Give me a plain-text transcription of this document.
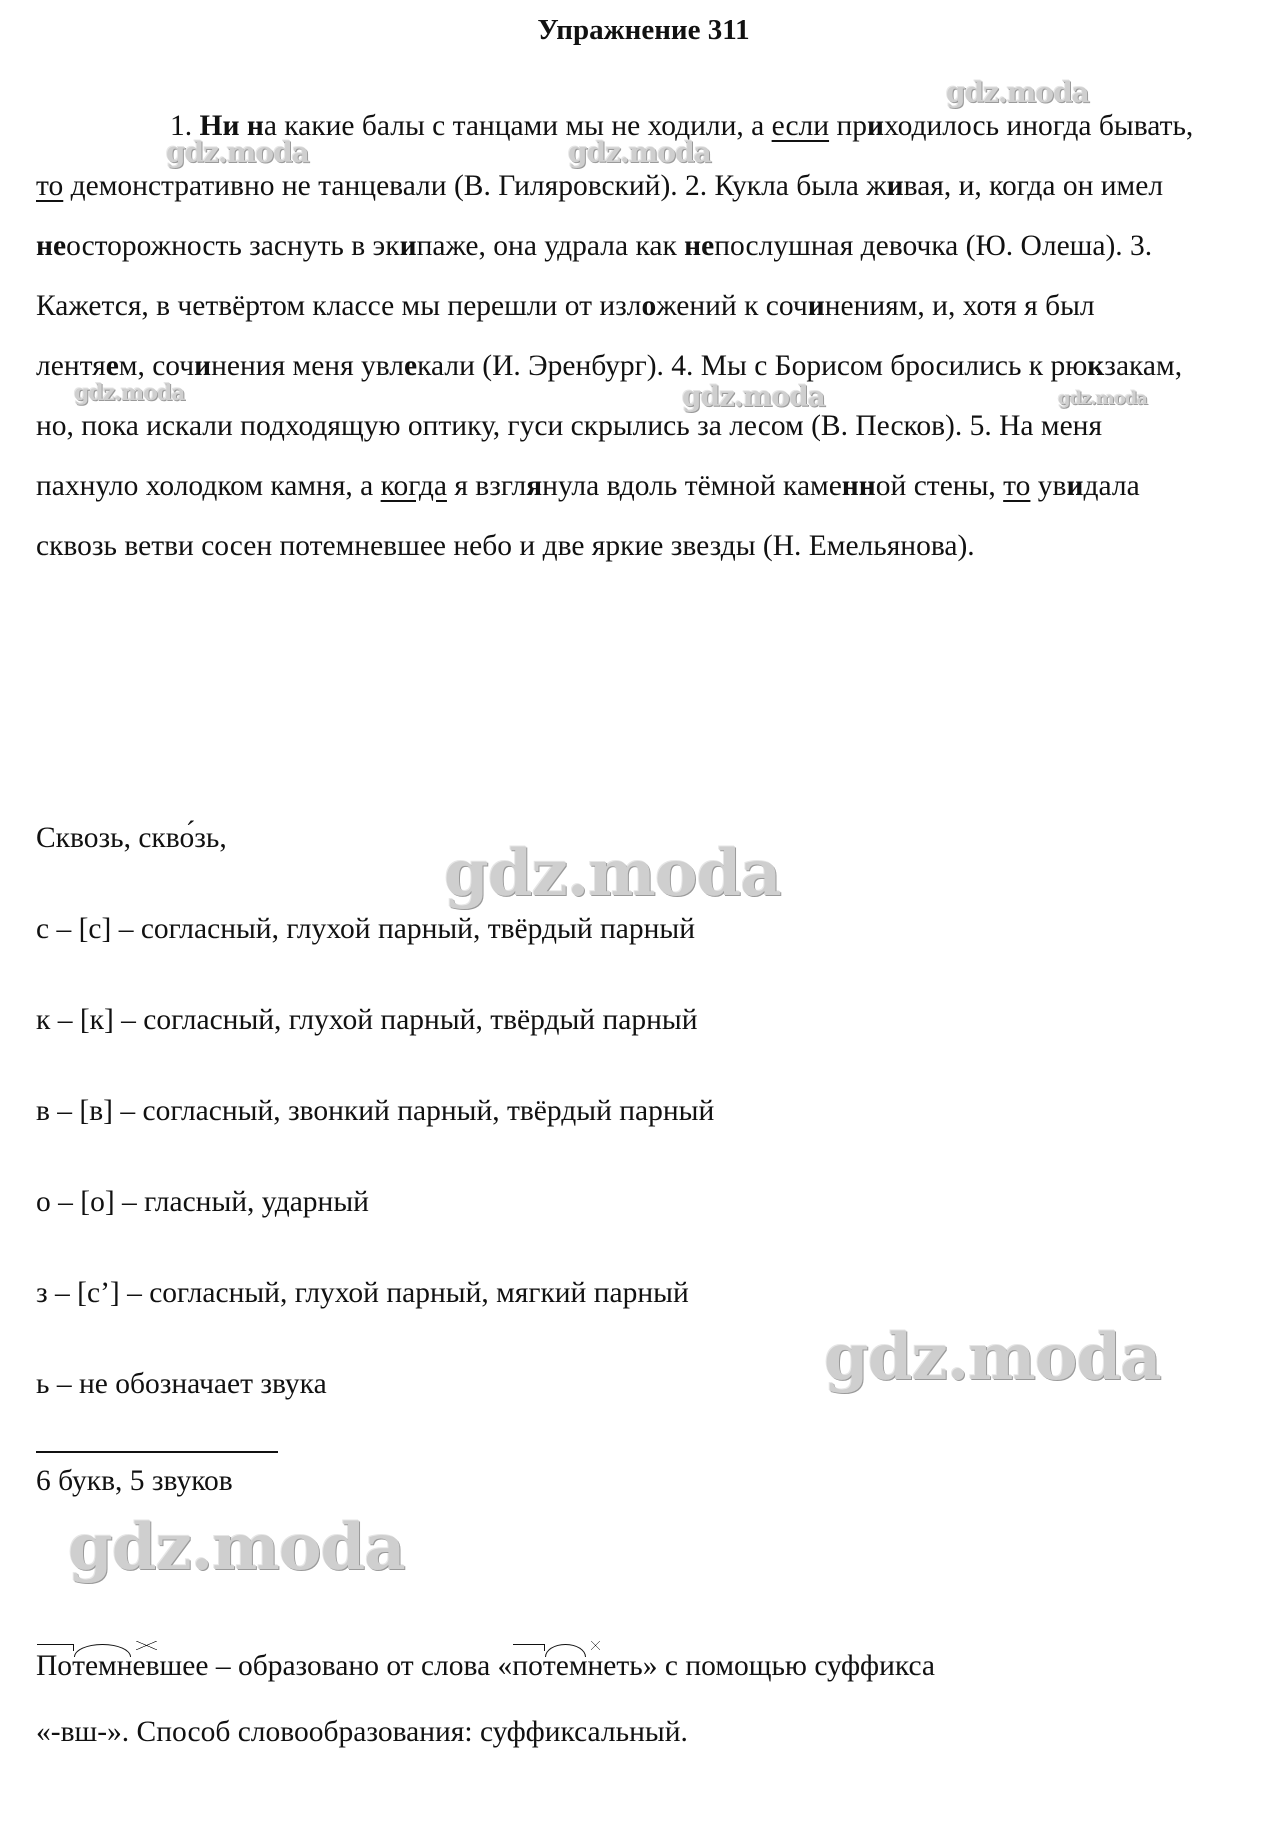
Упражнение 311

1. Ни на какие балы с танцами мы не ходили, а если приходилось иногда бывать, то демонстративно не танцевали (В. Гиляровский). 2. Кукла была живая, и, когда он имел неосторожность заснуть в экипаже, она удрала как непослушная девочка (Ю. Олеша). 3. Кажется, в четвёртом классе мы перешли от изложений к сочинениям, и, хотя я был лентяем, сочинения меня увлекали (И. Эренбург). 4. Мы с Борисом бросились к рюкзакам, но, пока искали подходящую оптику, гуси скрылись за лесом (В. Песков). 5. На меня пахнуло холодком камня, а когда я взглянула вдоль тёмной каменной стены, то увидала сквозь ветви сосен потемневшее небо и две яркие звезды (Н. Емельянова).

Сквозь, скво́зь,
с – [с] – согласный, глухой парный, твёрдый парный
к – [к] – согласный, глухой парный, твёрдый парный
в – [в] – согласный, звонкий парный, твёрдый парный
о – [о] – гласный, ударный
з – [с’] – согласный, глухой парный, мягкий парный
ь – не обозначает звука
6 букв, 5 звуков
Потемневшее – образовано от слова «потемнеть» с помощью суффикса
«-вш-». Способ словообразования: суффиксальный.
gdz.moda
gdz.moda	gdz.moda
gdz.moda	gdz.moda	gdz.moda
gdz.moda
gdz.moda
gdz.moda
